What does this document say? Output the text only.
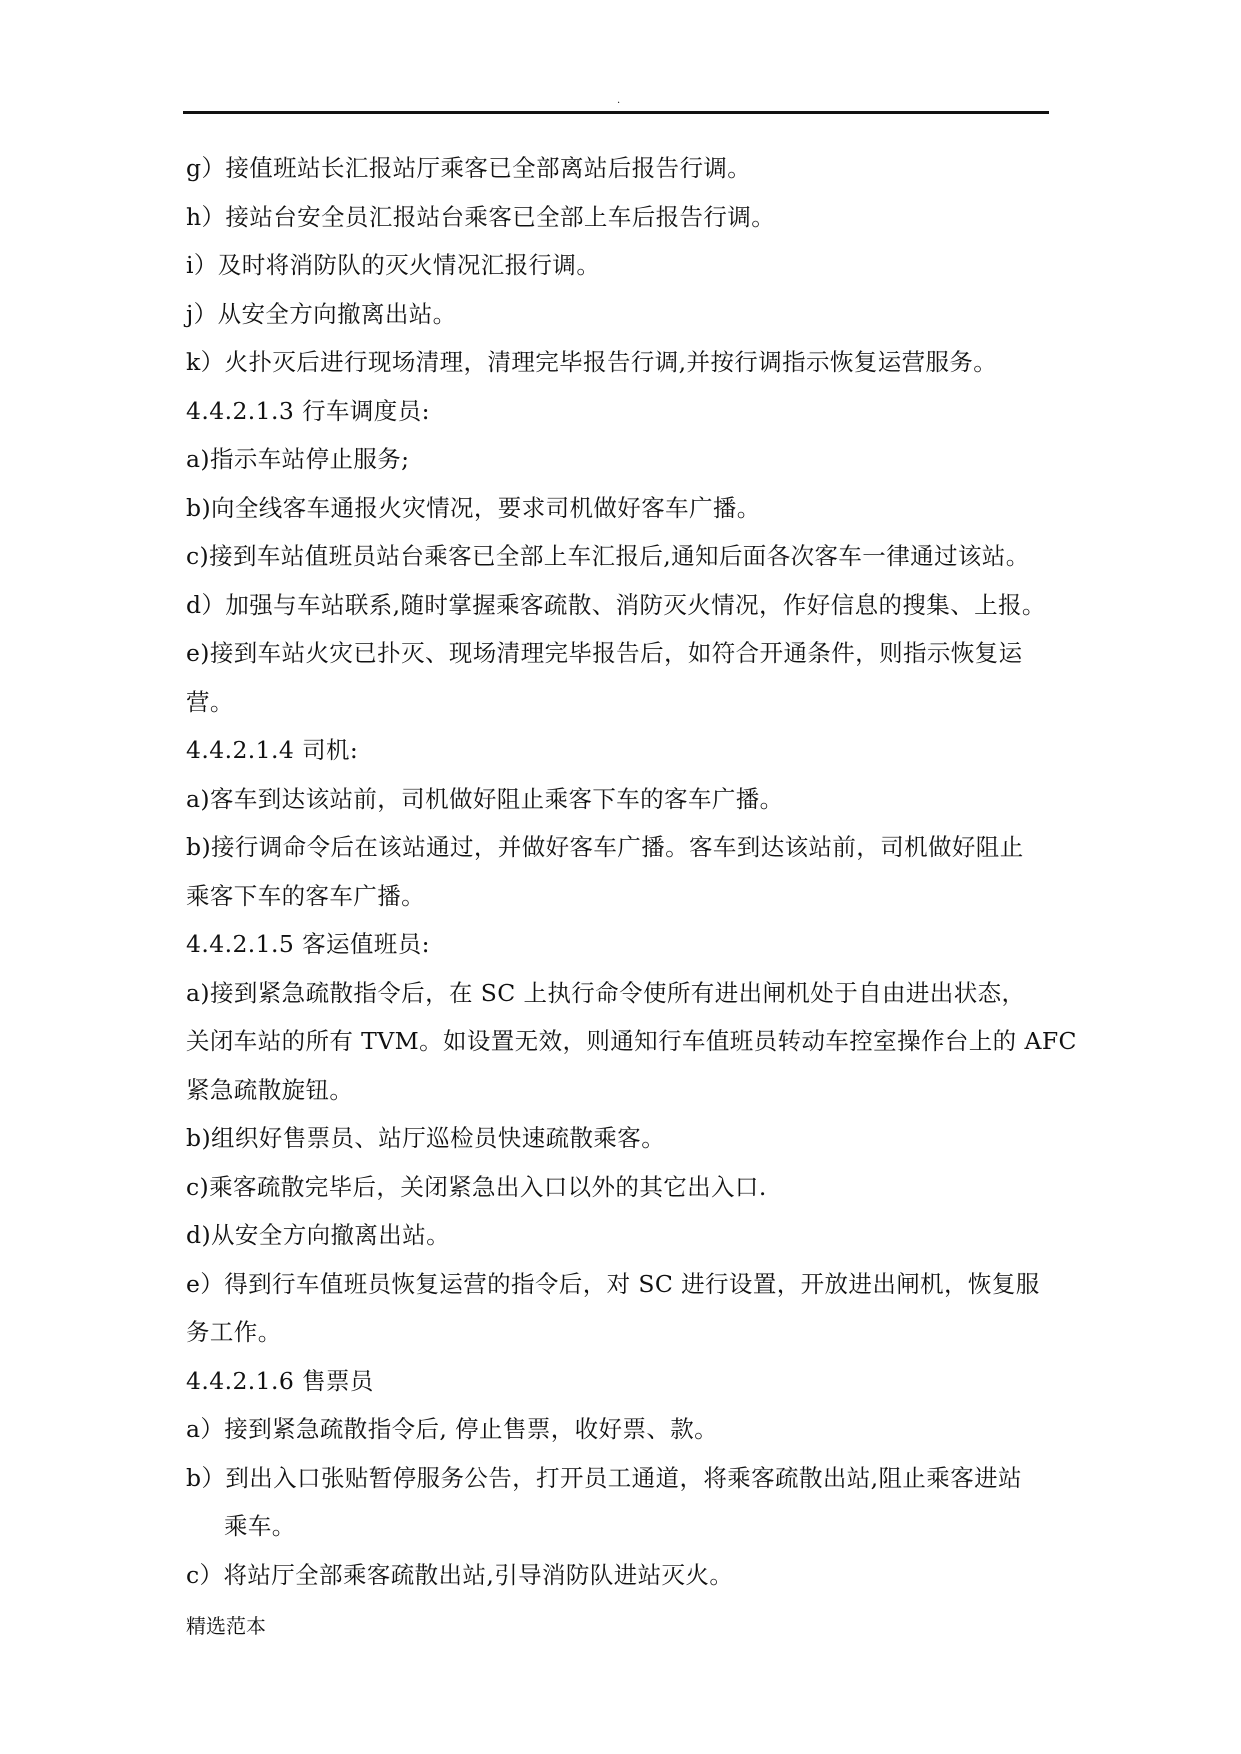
.
g）接值班站长汇报站厅乘客已全部离站后报告行调。
h）接站台安全员汇报站台乘客已全部上车后报告行调。
i）及时将消防队的灭火情况汇报行调。
j）从安全方向撤离出站。
k）火扑灭后进行现场清理，清理完毕报告行调,并按行调指示恢复运营服务。
4.4.2.1.3 行车调度员:
a)指示车站停止服务;
b)向全线客车通报火灾情况，要求司机做好客车广播。
c)接到车站值班员站台乘客已全部上车汇报后,通知后面各次客车一律通过该站。
d）加强与车站联系,随时掌握乘客疏散、消防灭火情况，作好信息的搜集、上报。
e)接到车站火灾已扑灭、现场清理完毕报告后，如符合开通条件，则指示恢复运
营。
4.4.2.1.4 司机:
a)客车到达该站前，司机做好阻止乘客下车的客车广播。
b)接行调命令后在该站通过，并做好客车广播。客车到达该站前，司机做好阻止
乘客下车的客车广播。
4.4.2.1.5 客运值班员:
a)接到紧急疏散指令后，在 SC 上执行命令使所有进出闸机处于自由进出状态，
关闭车站的所有 TVM。如设置无效，则通知行车值班员转动车控室操作台上的 AFC
紧急疏散旋钮。
b)组织好售票员、站厅巡检员快速疏散乘客。
c)乘客疏散完毕后，关闭紧急出入口以外的其它出入口.
d)从安全方向撤离出站。
e）得到行车值班员恢复运营的指令后，对 SC 进行设置，开放进出闸机，恢复服
务工作。
4.4.2.1.6 售票员
a）接到紧急疏散指令后, 停止售票，收好票、款。
b）到出入口张贴暂停服务公告，打开员工通道，将乘客疏散出站,阻止乘客进站
乘车。
c）将站厅全部乘客疏散出站,引导消防队进站灭火。
精选范本
